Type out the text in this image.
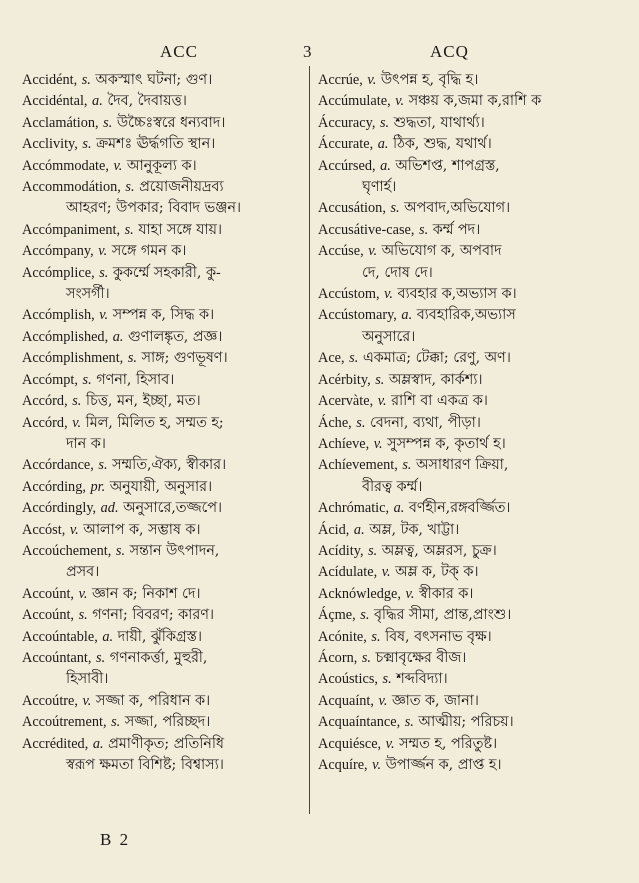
ACC	3	ACQ
Accidént, s. অকস্মাৎ ঘটনা; গুণ।
Accidéntal, a. দৈব, দৈবায়ত্ত।
Acclamátion, s. উচ্চৈঃস্বরে ধন্যবাদ।
Acclivity, s. ক্রমশঃ ঊর্দ্ধগতি স্থান।
Accómmodate, v. আনুকূল্য ক।
Accommodátion, s. প্রয়োজনীয়দ্রব্য
আহরণ; উপকার; বিবাদ ভঞ্জন।
Accómpaniment, s. যাহা সঙ্গে যায়।
Accómpany, v. সঙ্গে গমন ক।
Accómplice, s. কুকর্ম্মে সহকারী, কু-
সংসর্গী।
Accómplish, v. সম্পন্ন ক, সিদ্ধ ক।
Accómplished, a. গুণালঙ্কৃত, প্রজ্ঞ।
Accómplishment, s. সাঙ্গ; গুণভূষণ।
Accómpt, s. গণনা, হিসাব।
Accórd, s. চিত্ত, মন, ইচ্ছা, মত।
Accórd, v. মিল, মিলিত হ, সম্মত হ;
দান ক।
Accórdance, s. সম্মতি,ঐক্য, স্বীকার।
Accórding, pr. অনুযায়ী, অনুসার।
Accórdingly, ad. অনুসারে,তজ্জপে।
Accóst, v. আলাপ ক, সম্ভাষ ক।
Accoúchement, s. সন্তান উৎপাদন,
প্রসব।
Accoúnt, v. জ্ঞান ক; নিকাশ দে।
Accoúnt, s. গণনা; বিবরণ; কারণ।
Accoúntable, a. দায়ী, ঝুঁকিগ্রস্ত।
Accoúntant, s. গণনাকর্ত্তা, মুহুরী,
হিসাবী।
Accoútre, v. সজ্জা ক, পরিধান ক।
Accoútrement, s. সজ্জা, পরিচ্ছদ।
Accrédited, a. প্রমাণীকৃত; প্রতিনিধি
স্বরূপ ক্ষমতা বিশিষ্ট; বিশ্বাস্য।
Accrúe, v. উৎপন্ন হ, বৃদ্ধি হ।
Accúmulate, v. সঞ্চয় ক,জমা ক,রাশি ক
Áccuracy, s. শুদ্ধতা, যাথার্থ্য।
Áccurate, a. ঠিক, শুদ্ধ, যথার্থ।
Accúrsed, a. অভিশপ্ত, শাপগ্রস্ত,
ঘৃণার্হ।
Accusátion, s. অপবাদ,অভিযোগ।
Accusátive-case, s. কর্ম্ম পদ।
Accúse, v. অভিযোগ ক, অপবাদ
দে, দোষ দে।
Accústom, v. ব্যবহার ক,অভ্যাস ক।
Accústomary, a. ব্যবহারিক,অভ্যাস
অনুসারে।
Ace, s. একমাত্র; টেক্কা; রেণু, অণ।
Acérbity, s. অম্লস্বাদ, কার্কশ্য।
Acervàte, v. রাশি বা একত্র ক।
Áche, s. বেদনা, ব্যথা, পীড়া।
Achíeve, v. সুসম্পন্ন ক, কৃতার্থ হ।
Achíevement, s. অসাধারণ ক্রিয়া,
বীরত্ব কর্ম্ম।
Achrómatic, a. বর্ণহীন,রঙ্গবর্জ্জিত।
Ácid, a. অম্ল, টক, খাট্টা।
Acídity, s. অম্লত্ব, অম্লরস, চুক্র।
Acídulate, v. অম্ল ক, টক্ ক।
Acknówledge, v. স্বীকার ক।
Áçme, s. বৃদ্ধির সীমা, প্রান্ত,প্রাংশু।
Acónite, s. বিষ, বৎসনাভ বৃক্ষ।
Ácorn, s. চক্মাবৃক্ষের বীজ।
Acoústics, s. শব্দবিদ্যা।
Acquaínt, v. জ্ঞাত ক, জানা।
Acquaíntance, s. আত্মীয়; পরিচয়।
Acquiésce, v. সম্মত হ, পরিতুষ্ট।
Acquíre, v. উপার্জ্জন ক, প্রাপ্ত হ।
B 2
